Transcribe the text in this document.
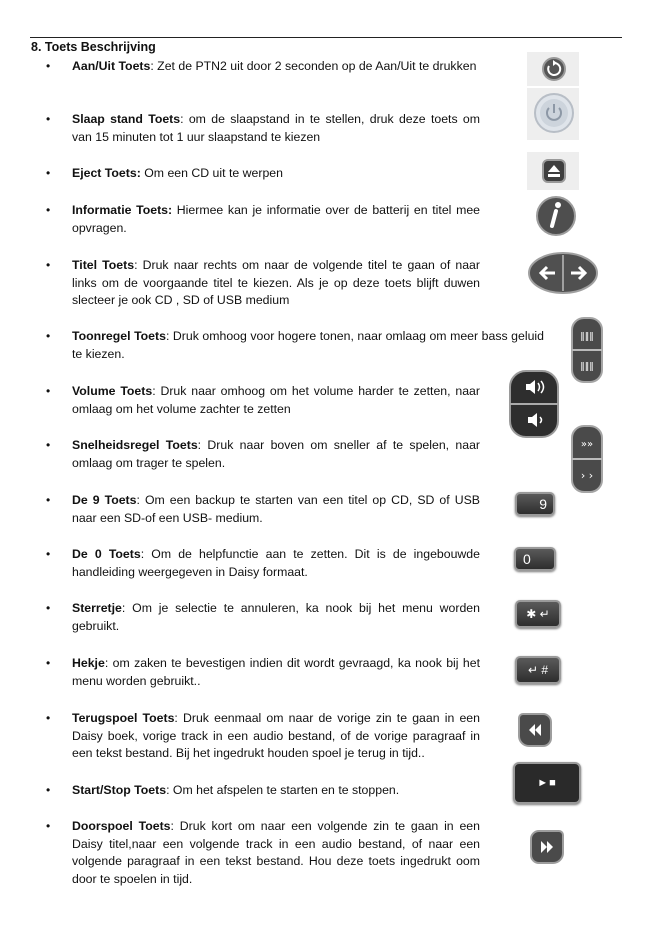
8. Toets Beschrijving
• Aan/Uit Toets: Zet de PTN2 uit door 2 seconden op de Aan/Uit te drukken
• Slaap stand Toets: om de slaapstand in te stellen, druk deze toets om van 15 minuten tot 1 uur slaapstand te kiezen
• Eject Toets: Om een CD uit te werpen
• Informatie Toets: Hiermee kan je informatie over de batterij en titel mee opvragen.
• Titel Toets: Druk naar rechts om naar de volgende titel te gaan of naar links om de voorgaande titel te kiezen. Als je op deze toets blijft duwen slecteer je ook CD , SD of USB medium
• Toonregel Toets: Druk omhoog voor hogere tonen, naar omlaag om meer bass geluid te kiezen.
‖‖‖
‖‖‖
• Volume Toets: Druk naar omhoog om het volume harder te zetten, naar omlaag om het volume zachter te zetten
• Snelheidsregel Toets: Druk naar boven om sneller af te spelen, naar omlaag om trager te spelen.
»»
› ›
• De 9 Toets: Om een backup te starten van een titel op CD, SD of USB naar een SD-of een USB- medium.
9
• De 0 Toets: Om de helpfunctie aan te zetten. Dit is de ingebouwde handleiding weergegeven in Daisy formaat.
0
• Sterretje: Om je selectie te annuleren, ka nook bij het menu worden gebruikt.
✱ ↵
• Hekje: om zaken te bevestigen indien dit wordt gevraagd, ka nook bij het menu worden gebruikt..
↵ #
• Terugspoel Toets: Druk eenmaal om naar de vorige zin te gaan in een Daisy boek, vorige track in een audio bestand, of de vorige paragraaf in een tekst bestand. Bij het ingedrukt houden spoel je terug in tijd..
• Start/Stop Toets: Om het afspelen te starten en te stoppen.	►■
• Doorspoel Toets: Druk kort om naar een volgende zin te gaan in een Daisy titel,naar een volgende track in een audio bestand, of naar een volgende paragraaf in een tekst bestand. Hou deze toets ingedrukt oom door te spoelen in tijd.
